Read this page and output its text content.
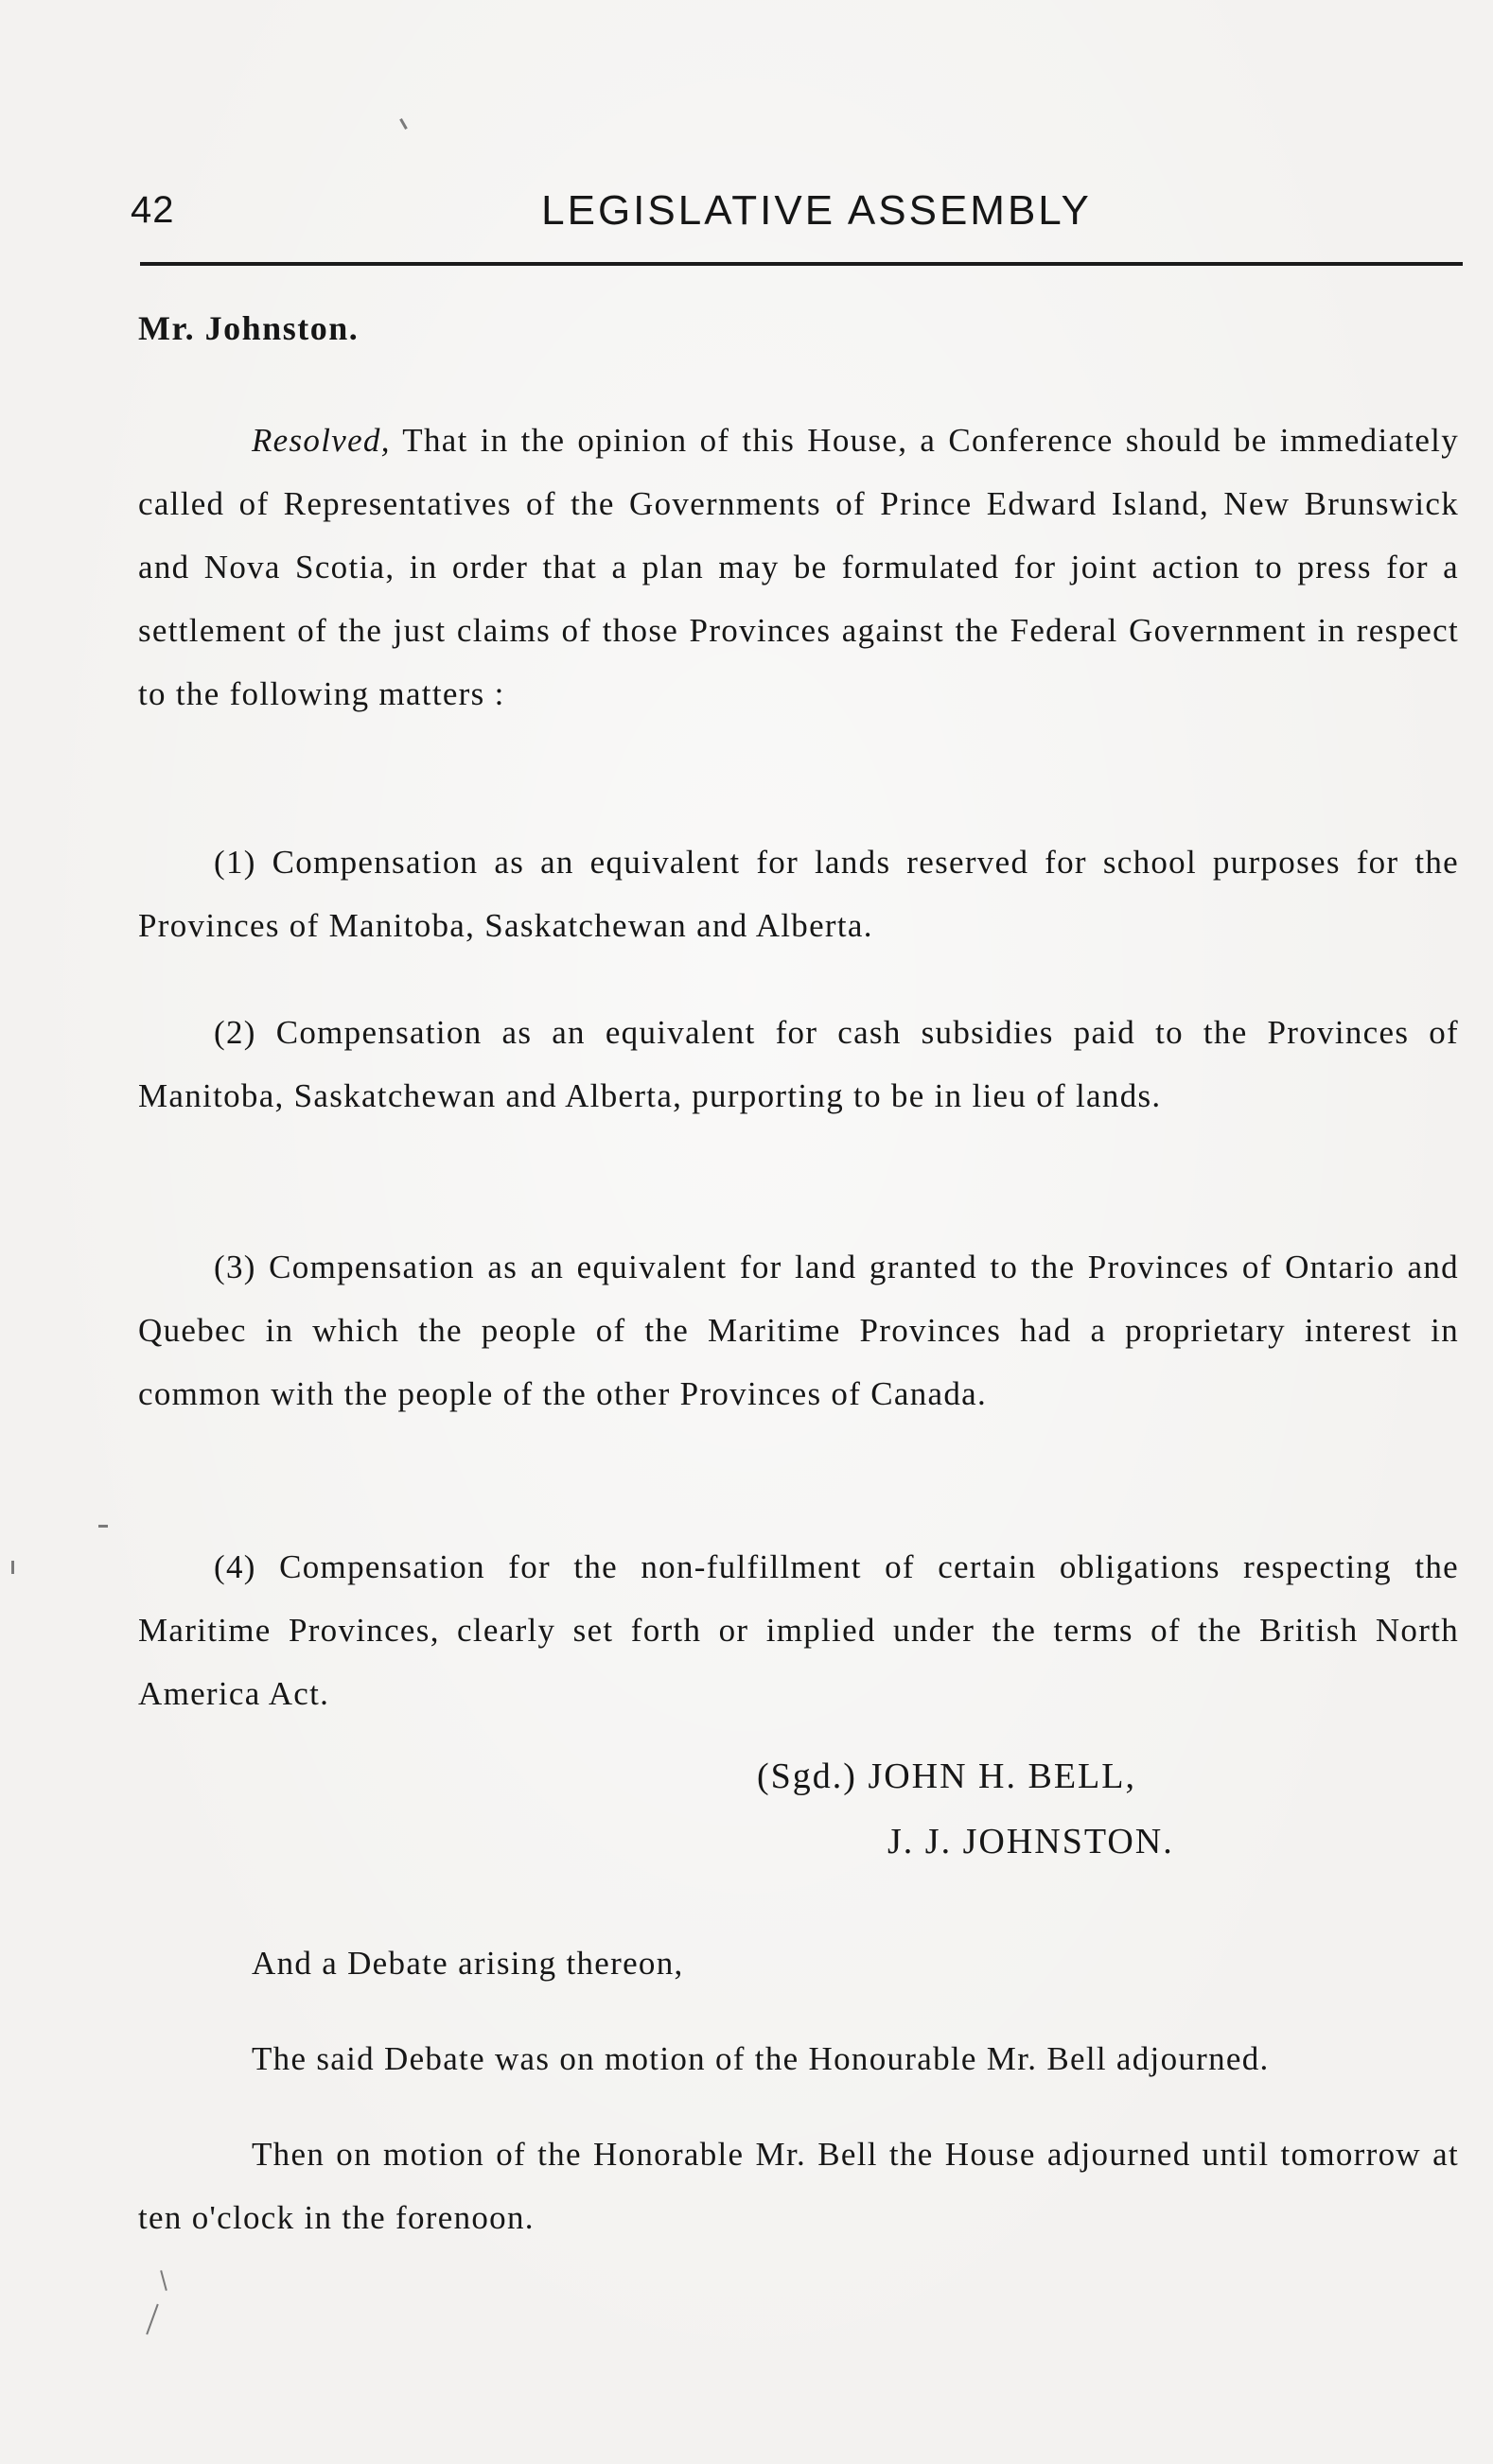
42	LEGISLATIVE ASSEMBLY
Mr. Johnston.

Resolved, That in the opinion of this House, a Conference should be immediately called of Representatives of the Governments of Prince Edward Island, New Brunswick and Nova Scotia, in order that a plan may be formulated for joint action to press for a settlement of the just claims of those Provinces against the Federal Government in respect to the following matters :

(1) Compensation as an equivalent for lands reserved for school purposes for the Provinces of Manitoba, Saskatchewan and Alberta.

(2) Compensation as an equivalent for cash subsidies paid to the Provinces of Manitoba, Saskatchewan and Alberta, purporting to be in lieu of lands.

(3) Compensation as an equivalent for land granted to the Provinces of Ontario and Quebec in which the people of the Maritime Provinces had a proprietary interest in common with the people of the other Provinces of Canada.

(4) Compensation for the non-fulfillment of certain obligations respecting the Maritime Provinces, clearly set forth or implied under the terms of the British North America Act.

(Sgd.) JOHN H. BELL,
J. J. JOHNSTON.

And a Debate arising thereon,

The said Debate was on motion of the Honourable Mr. Bell adjourned.

Then on motion of the Honorable Mr. Bell the House adjourned until tomorrow at ten o'clock in the forenoon.
